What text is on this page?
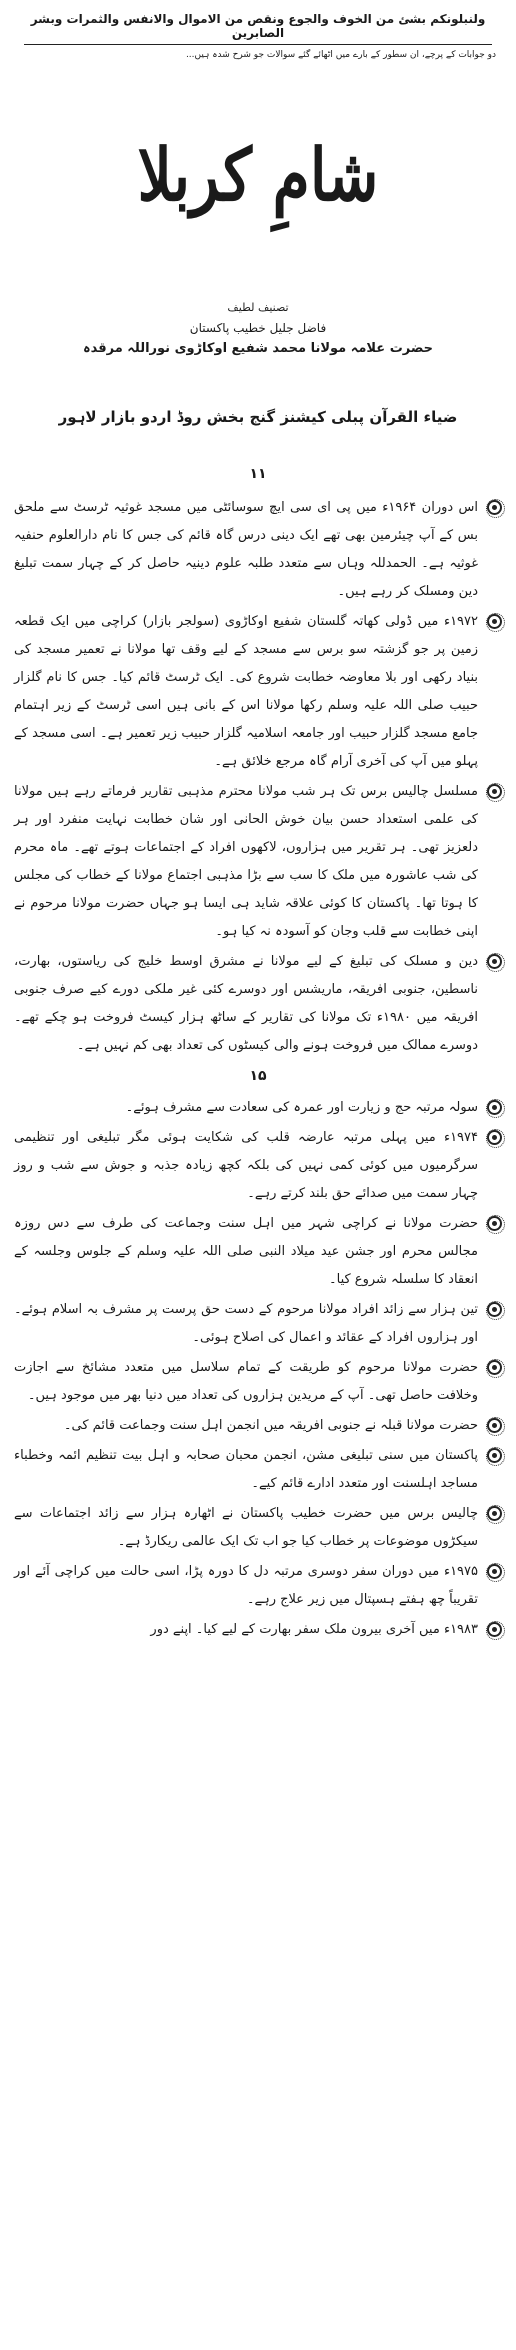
ولنبلونكم بشئ من الخوف والجوع ونقص من الاموال والانفس والثمرات وبشر الصابرين
دو جوابات کے پرچے، ان سطور کے بارے میں اٹھائے گئے سوالات جو شرح شدہ ہیں...
شامِ کربلا
تصنیف لطیف
فاضل جلیل خطیب پاکستان
حضرت علامہ مولانا محمد شفیع اوکاڑوی نوراللہ مرقدہ
ضیاء القرآن پبلی کیشنز گنج بخش روڈ اردو بازار لاہور
۱۱
اس دوران ۱۹۶۴ء میں پی ای سی ایچ سوسائٹی میں مسجد غوثیہ ٹرسٹ سے ملحق بس کے آپ چیئرمین بھی تھے ایک دینی درس گاہ قائم کی جس کا نام دارالعلوم حنفیہ غوثیہ ہے۔ الحمدللہ وہاں سے متعدد طلبہ علوم دینیہ حاصل کر کے چہار سمت تبلیغ دین ومسلک کر رہے ہیں۔
۱۹۷۲ء میں ڈولی کھاتہ گلستان شفیع اوکاڑوی (سولجر بازار) کراچی میں ایک قطعہ زمین پر جو گزشتہ سو برس سے مسجد کے لیے وقف تھا مولانا نے تعمیر مسجد کی بنیاد رکھی اور بلا معاوضہ خطابت شروع کی۔ ایک ٹرسٹ قائم کیا۔ جس کا نام گلزار حبیب صلی اللہ علیہ وسلم رکھا مولانا اس کے بانی ہیں اسی ٹرسٹ کے زیر اہتمام جامع مسجد گلزار حبیب اور جامعہ اسلامیہ گلزار حبیب زیر تعمیر ہے۔ اسی مسجد کے پہلو میں آپ کی آخری آرام گاہ مرجع خلائق ہے۔
مسلسل چالیس برس تک ہر شب مولانا محترم مذہبی تقاریر فرماتے رہے ہیں مولانا کی علمی استعداد حسن بیان خوش الحانی اور شان خطابت نہایت منفرد اور ہر دلعزیز تھی۔ ہر تقریر میں ہزاروں، لاکھوں افراد کے اجتماعات ہوتے تھے۔ ماہ محرم کی شب عاشورہ میں ملک کا سب سے بڑا مذہبی اجتماع مولانا کے خطاب کی مجلس کا ہوتا تھا۔ پاکستان کا کوئی علاقہ شاید ہی ایسا ہو جہاں حضرت مولانا مرحوم نے اپنی خطابت سے قلب وجان کو آسودہ نہ کیا ہو۔
دین و مسلک کی تبلیغ کے لیے مولانا نے مشرق اوسط خلیج کی ریاستوں، بھارت، ناسطین، جنوبی افریقہ، ماریشس اور دوسرے کئی غیر ملکی دورے کیے صرف جنوبی افریقہ میں ۱۹۸۰ء تک مولانا کی تقاریر کے ساٹھ ہزار کیسٹ فروخت ہو چکے تھے۔ دوسرے ممالک میں فروخت ہونے والی کیسٹوں کی تعداد بھی کم نہیں ہے۔
۱۵
سولہ مرتبہ حج و زیارت اور عمرہ کی سعادت سے مشرف ہوئے۔
۱۹۷۴ء میں پہلی مرتبہ عارضہ قلب کی شکایت ہوئی مگر تبلیغی اور تنظیمی سرگرمیوں میں کوئی کمی نہیں کی بلکہ کچھ زیادہ جذبہ و جوش سے شب و روز چہار سمت میں صدائے حق بلند کرتے رہے۔
حضرت مولانا نے کراچی شہر میں اہل سنت وجماعت کی طرف سے دس روزہ مجالس محرم اور جشن عید میلاد النبی صلی اللہ علیہ وسلم کے جلوس وجلسہ کے انعقاد کا سلسلہ شروع کیا۔
تین ہزار سے زائد افراد مولانا مرحوم کے دست حق پرست پر مشرف بہ اسلام ہوئے۔ اور ہزاروں افراد کے عقائد و اعمال کی اصلاح ہوئی۔
حضرت مولانا مرحوم کو طریقت کے تمام سلاسل میں متعدد مشائخ سے اجازت وخلافت حاصل تھی۔ آپ کے مریدین ہزاروں کی تعداد میں دنیا بھر میں موجود ہیں۔
حضرت مولانا قبلہ نے جنوبی افریقہ میں انجمن اہل سنت وجماعت قائم کی۔
پاکستان میں سنی تبلیغی مشن، انجمن محبان صحابہ و اہل بیت تنظیم ائمہ وخطباء مساجد اہلسنت اور متعدد ادارے قائم کیے۔
چالیس برس میں حضرت خطیب پاکستان نے اٹھارہ ہزار سے زائد اجتماعات سے سیکڑوں موضوعات پر خطاب کیا جو اب تک ایک عالمی ریکارڈ ہے۔
۱۹۷۵ء میں دوران سفر دوسری مرتبہ دل کا دورہ پڑا، اسی حالت میں کراچی آئے اور تقریباً چھ ہفتے ہسپتال میں زیر علاج رہے۔
۱۹۸۳ء میں آخری بیرون ملک سفر بھارت کے لیے کیا۔ اپنے دور
